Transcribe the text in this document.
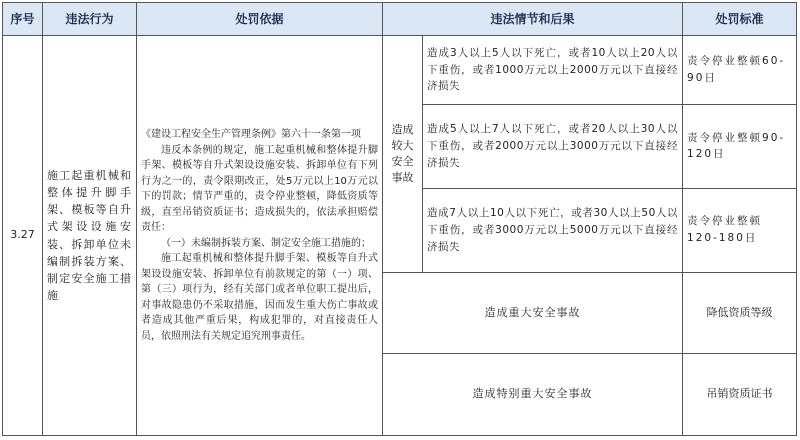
序号	违法行为	处罚依据	违法情节和后果		处罚标准
3.27	施工起重机械和整体提升脚手架、模板等自升式架设设施安装、拆卸单位未编制拆装方案、制定安全施工措施	《建设工程安全生产管理条例》第六十一条第一项

违反本条例的规定，施工起重机械和整体提升脚手架、模板等自升式架设设施安装、拆卸单位有下列行为之一的，责令限期改正，处5万元以上10万元以下的罚款；情节严重的，责令停业整顿，降低资质等级，直至吊销资质证书；造成损失的，依法承担赔偿责任：

（一）未编制拆装方案、制定安全施工措施的；

施工起重机械和整体提升脚手架、模板等自升式架设设施安装、拆卸单位有前款规定的第（一）项、第（三）项行为，经有关部门或者单位职工提出后，对事故隐患仍不采取措施，因而发生重大伤亡事故或者造成其他严重后果，构成犯罪的，对直接责任人员，依照刑法有关规定追究刑事责任。	造成较大安全事故	造成3人以上5人以下死亡，或者10人以上20人以下重伤，或者1000万元以上2000万元以下直接经济损失	责令停业整顿60-90日
				造成5人以上7人以下死亡，或者20人以上30人以下重伤，或者2000万元以上3000万元以下直接经济损失	责令停业整顿90-120日
				造成7人以上10人以下死亡，或者30人以上50人以下重伤，或者3000万元以上5000万元以下直接经济损失	责令停业整顿120-180日
			造成重大安全事故		降低资质等级
			造成特别重大安全事故		吊销资质证书
